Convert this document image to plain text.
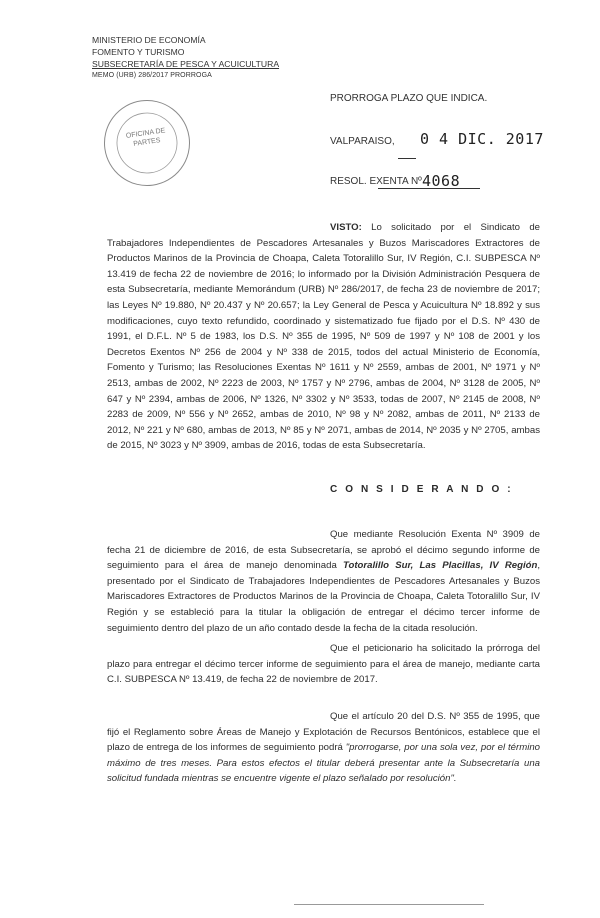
MINISTERIO DE ECONOMÍA
FOMENTO Y TURISMO
SUBSECRETARÍA DE PESCA Y ACUICULTURA
MEMO (URB) 286/2017 PRORROGA
OFICINA DE PARTES
PRORROGA PLAZO QUE INDICA.
VALPARAISO, 0 4 DIC. 2017
RESOL. EXENTA Nº 4068
VISTO: Lo solicitado por el Sindicato de Trabajadores Independientes de Pescadores Artesanales y Buzos Mariscadores Extractores de Productos Marinos de la Provincia de Choapa, Caleta Totoralillo Sur, IV Región, C.I. SUBPESCA Nº 13.419 de fecha 22 de noviembre de 2016; lo informado por la División Administración Pesquera de esta Subsecretaría, mediante Memorándum (URB) Nº 286/2017, de fecha 23 de noviembre de 2017; las Leyes Nº 19.880, Nº 20.437 y Nº 20.657; la Ley General de Pesca y Acuicultura Nº 18.892 y sus modificaciones, cuyo texto refundido, coordinado y sistematizado fue fijado por el D.S. Nº 430 de 1991, el D.F.L. Nº 5 de 1983, los D.S. Nº 355 de 1995, Nº 509 de 1997 y Nº 108 de 2001 y los Decretos Exentos Nº 256 de 2004 y Nº 338 de 2015, todos del actual Ministerio de Economía, Fomento y Turismo; las Resoluciones Exentas Nº 1611 y Nº 2559, ambas de 2001, Nº 1971 y Nº 2513, ambas de 2002, Nº 2223 de 2003, Nº 1757 y Nº 2796, ambas de 2004, Nº 3128 de 2005, Nº 647 y Nº 2394, ambas de 2006, Nº 1326, Nº 3302 y Nº 3533, todas de 2007, Nº 2145 de 2008, Nº 2283 de 2009, Nº 556 y Nº 2652, ambas de 2010, Nº 98 y Nº 2082, ambas de 2011, Nº 2133 de 2012, Nº 221 y Nº 680, ambas de 2013, Nº 85 y Nº 2071, ambas de 2014, Nº 2035 y Nº 2705, ambas de 2015, Nº 3023 y Nº 3909, ambas de 2016, todas de esta Subsecretaría.
C O N S I D E R A N D O :
Que mediante Resolución Exenta Nº 3909 de fecha 21 de diciembre de 2016, de esta Subsecretaría, se aprobó el décimo segundo informe de seguimiento para el área de manejo denominada Totoralillo Sur, Las Placillas, IV Región, presentado por el Sindicato de Trabajadores Independientes de Pescadores Artesanales y Buzos Mariscadores Extractores de Productos Marinos de la Provincia de Choapa, Caleta Totoralillo Sur, IV Región y se estableció para la titular la obligación de entregar el décimo tercer informe de seguimiento dentro del plazo de un año contado desde la fecha de la citada resolución.
Que el peticionario ha solicitado la prórroga del plazo para entregar el décimo tercer informe de seguimiento para el área de manejo, mediante carta C.I. SUBPESCA Nº 13.419, de fecha 22 de noviembre de 2017.
Que el artículo 20 del D.S. Nº 355 de 1995, que fijó el Reglamento sobre Áreas de Manejo y Explotación de Recursos Bentónicos, establece que el plazo de entrega de los informes de seguimiento podrá "prorrogarse, por una sola vez, por el término máximo de tres meses. Para estos efectos el titular deberá presentar ante la Subsecretaría una solicitud fundada mientras se encuentre vigente el plazo señalado por resolución".
